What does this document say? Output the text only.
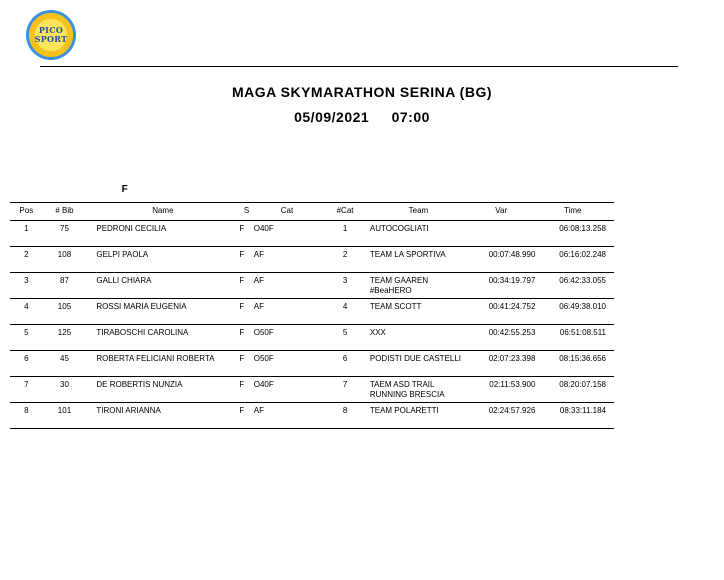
PICO
SPORT
MAGA SKYMARATHON SERINA (BG)
05/09/2021 07:00
F								
Pos	# Bib	Name	S	Cat	#Cat	Team	Var	Time
1	75	PEDRONI CECILIA	F	O40F	1	AUTOCOGLIATI		06:08:13.258
2	108	GELPI PAOLA	F	AF	2	TEAM LA SPORTIVA	00:07:48.990	06:16:02.248
3	87	GALLI CHIARA	F	AF	3	TEAM GAAREN #BeaHERO	00:34:19.797	06:42:33.055
4	105	ROSSI MARIA EUGENIA	F	AF	4	TEAM SCOTT	00:41:24.752	06:49:38.010
5	125	TIRABOSCHI CAROLINA	F	O50F	5	XXX	00:42:55.253	06:51:08.511
6	45	ROBERTA FELICIANI ROBERTA	F	O50F	6	PODISTI DUE CASTELLI	02:07:23.398	08:15:36.656
7	30	DE ROBERTIS NUNZIA	F	O40F	7	TAEM ASD TRAIL RUNNING BRESCIA	02:11:53.900	08:20:07.158
8	101	TIRONI ARIANNA	F	AF	8	TEAM POLARETTI	02:24:57.926	08:33:11.184
